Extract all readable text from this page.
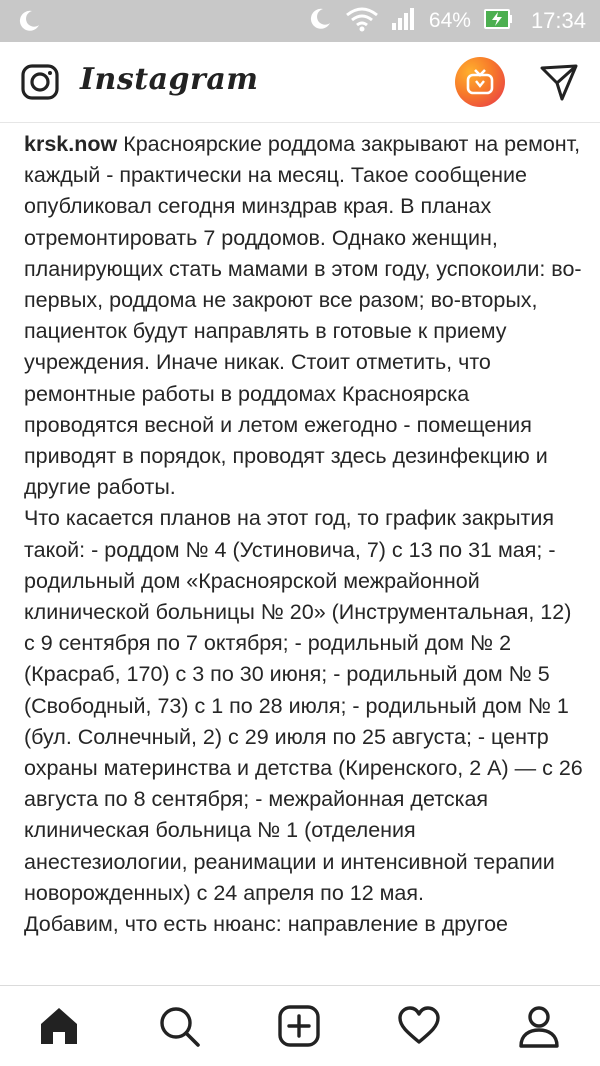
64%	17:34
Instagram

krsk.now Красноярские роддома закрывают на ремонт, каждый - практически на месяц. Такое сообщение опубликовал сегодня минздрав края. В планах отремонтировать 7 роддомов. Однако женщин, планирующих стать мамами в этом году, успокоили: во-первых, роддома не закроют все разом; во-вторых, пациенток будут направлять в готовые к приему учреждения. Иначе никак. Стоит отметить, что ремонтные работы в роддомах Красноярска проводятся весной и летом ежегодно - помещения приводят в порядок, проводят здесь дезинфекцию и другие работы.

Что касается планов на этот год, то график закрытия такой: - роддом № 4 (Устиновича, 7) с 13 по 31 мая; - родильный дом «Красноярской межрайонной клинической больницы № 20» (Инструментальная, 12) с 9 сентября по 7 октября; - родильный дом № 2 (Красраб, 170) с 3 по 30 июня; - родильный дом № 5 (Свободный, 73) с 1 по 28 июля; - родильный дом № 1 (бул. Солнечный, 2) с 29 июля по 25 августа; - центр охраны материнства и детства (Киренского, 2 А) — с 26 августа по 8 сентября; - межрайонная детская клиническая больница № 1 (отделения анестезиологии, реанимации и интенсивной терапии новорожденных) с 24 апреля по 12 мая.

Добавим, что есть нюанс: направление в другое
